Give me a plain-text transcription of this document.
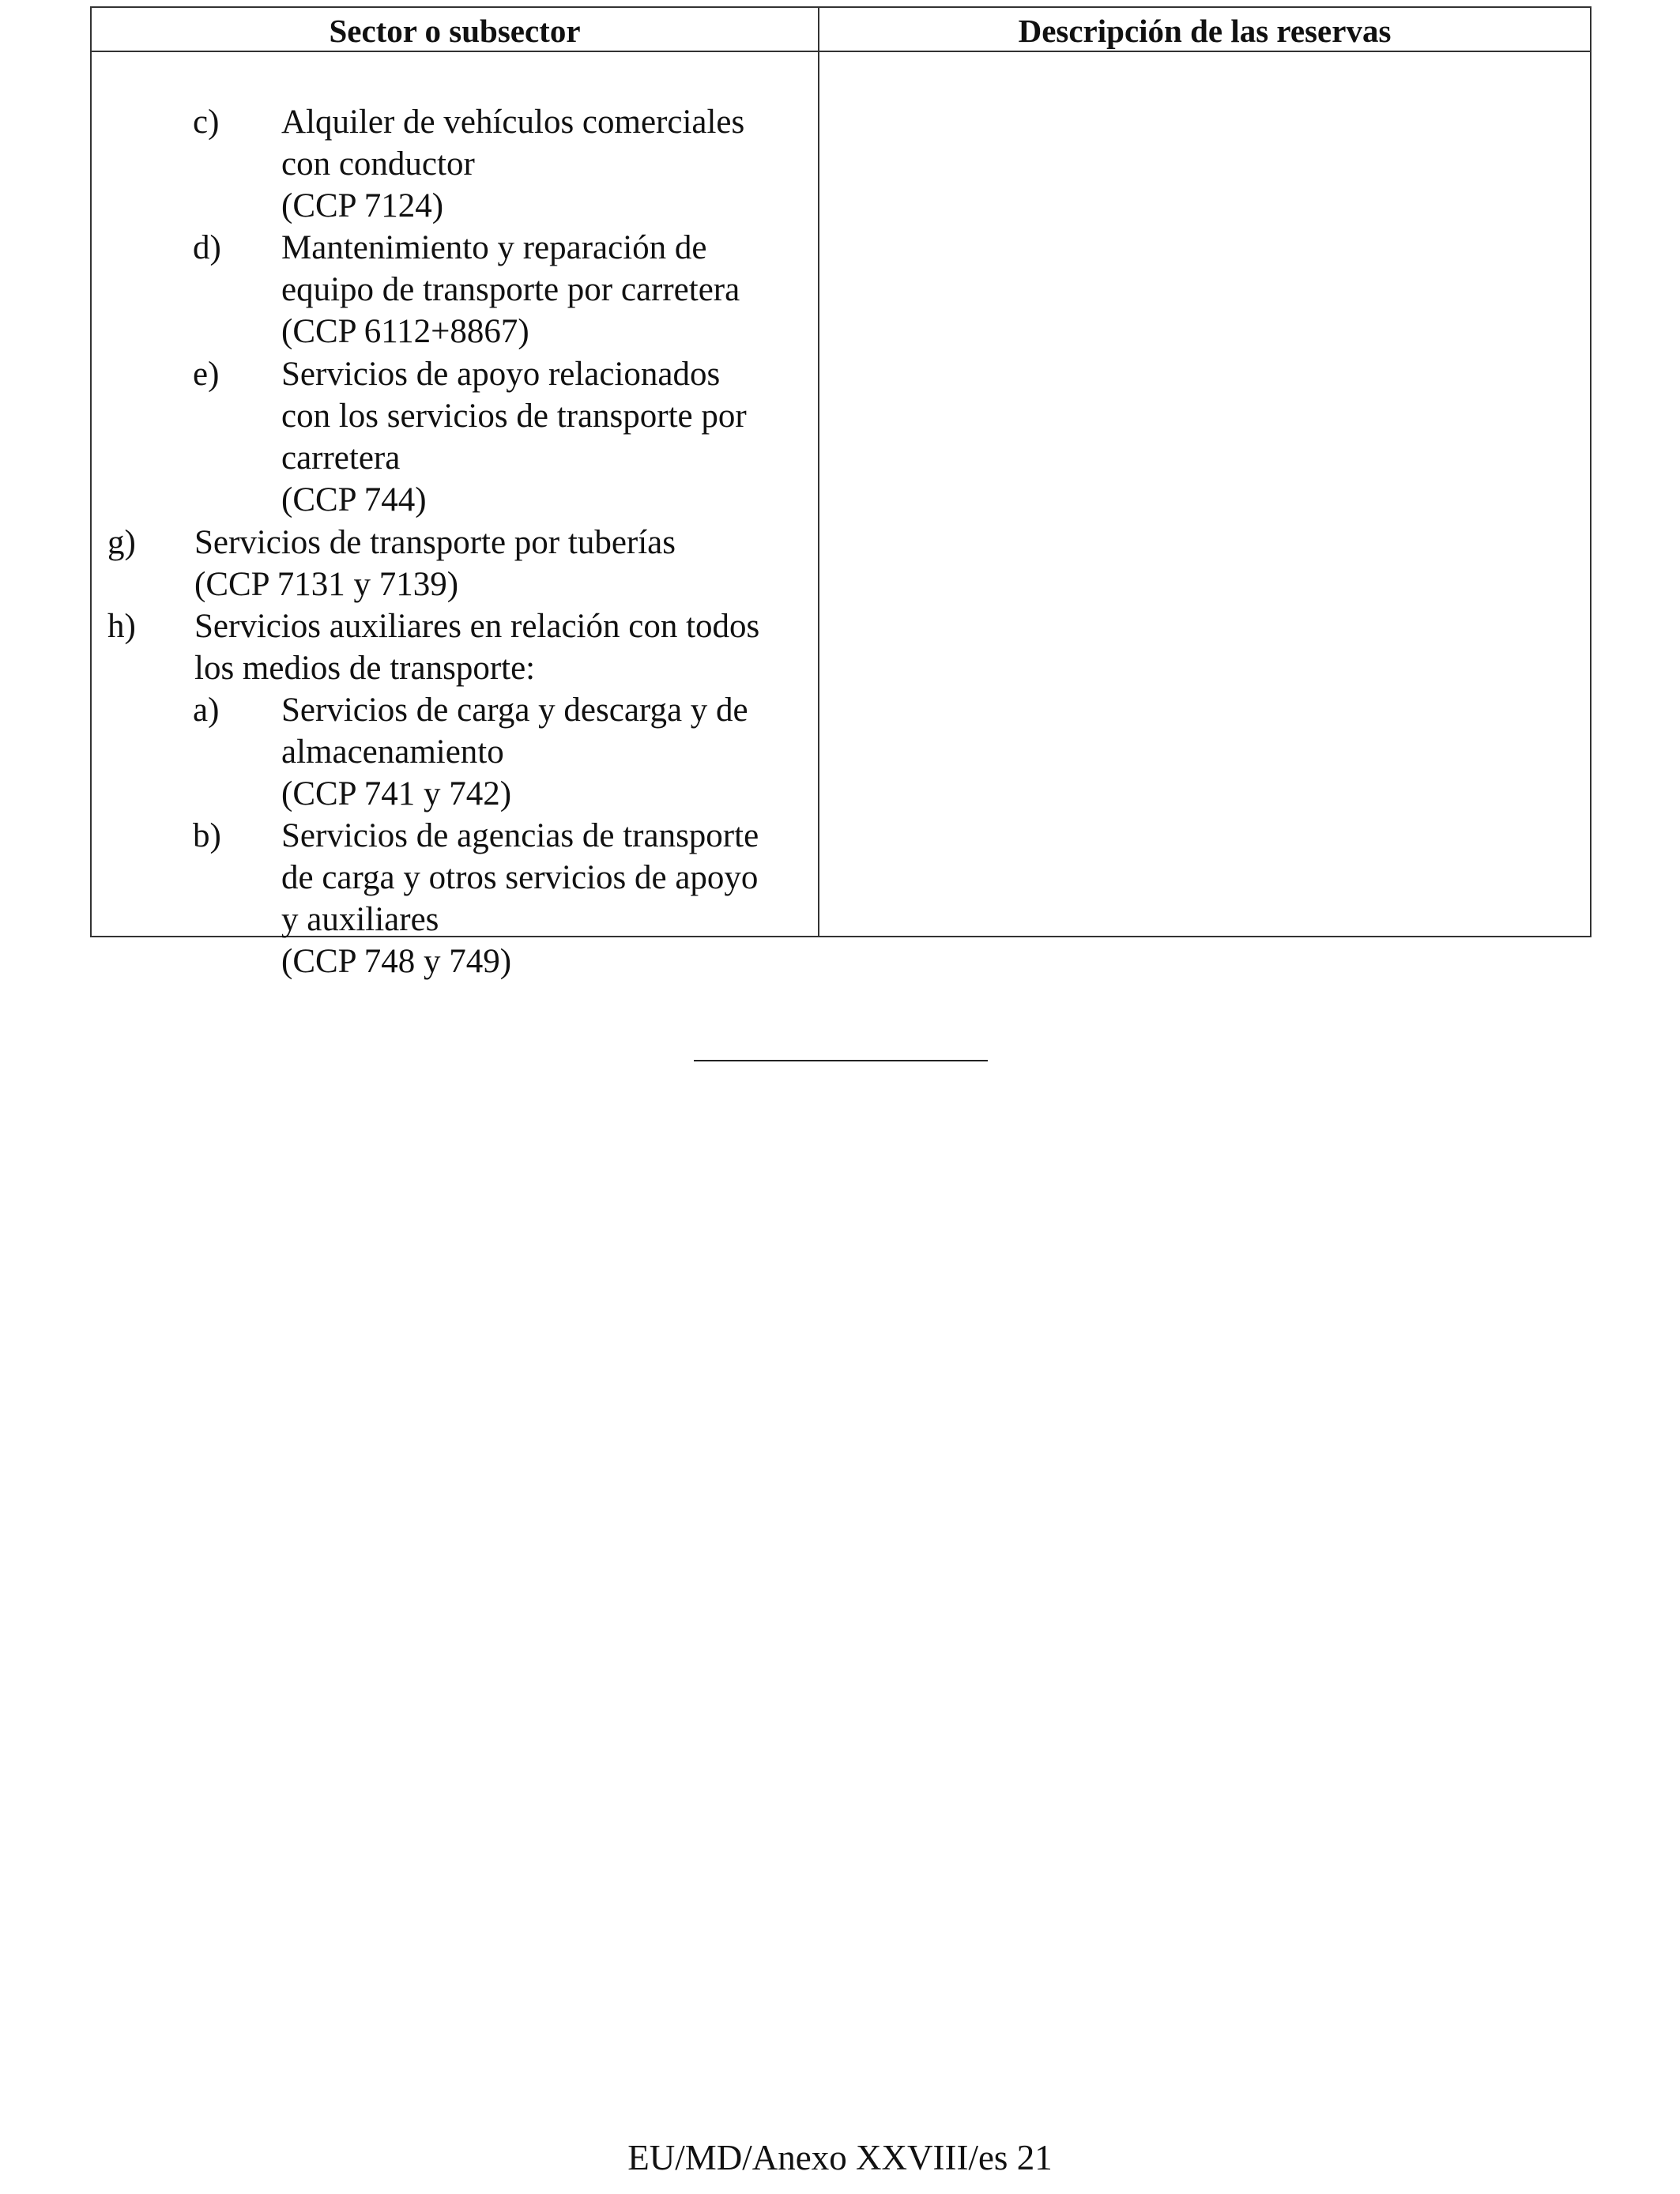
Sector o subsector	Descripción de las reservas
c) Alquiler de vehículos comerciales
con conductor
(CCP 7124)
d) Mantenimiento y reparación de
equipo de transporte por carretera
(CCP 6112+8867)
e) Servicios de apoyo relacionados
con los servicios de transporte por
carretera
(CCP 744)
g) Servicios de transporte por tuberías
(CCP 7131 y 7139)
h) Servicios auxiliares en relación con todos
los medios de transporte:
a) Servicios de carga y descarga y de
almacenamiento
(CCP 741 y 742)
b) Servicios de agencias de transporte
de carga y otros servicios de apoyo
y auxiliares
(CCP 748 y 749)
EU/MD/Anexo XXVIII/es 21
